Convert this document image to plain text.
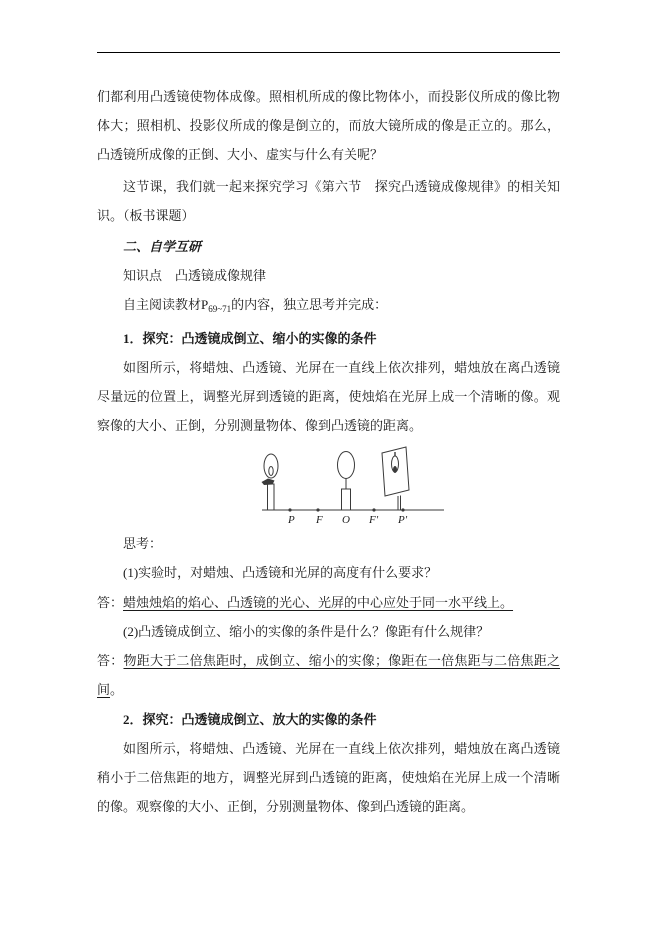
们都利用凸透镜使物体成像。照相机所成的像比物体小，而投影仪所成的像比物体大；照相机、投影仪所成的像是倒立的，而放大镜所成的像是正立的。那么，凸透镜所成像的正倒、大小、虚实与什么有关呢？

这节课，我们就一起来探究学习《第六节　探究凸透镜成像规律》的相关知识。（板书课题）

二、自学互研

知识点　 凸透镜成像规律

自主阅读教材$P_{69\sim 71}$的内容，独立思考并完成：

1．探究：凸透镜成倒立、缩小的实像的条件

如图所示，将蜡烛、凸透镜、光屏在一直线上依次排列，蜡烛放在离凸透镜尽量远的位置上，调整光屏到透镜的距离，使烛焰在光屏上成一个清晰的像。观察像的大小、正倒，分别测量物体、像到凸透镜的距离。

P F O F′ P′

思考：

(1)实验时，对蜡烛、凸透镜和光屏的高度有什么要求？

答：蜡烛烛焰的焰心、凸透镜的光心、光屏的中心应处于同一水平线上。

(2)凸透镜成倒立、缩小的实像的条件是什么？像距有什么规律？

答：物距大于二倍焦距时，成倒立、缩小的实像；像距在一倍焦距与二倍焦距之间。

2．探究：凸透镜成倒立、放大的实像的条件

如图所示，将蜡烛、凸透镜、光屏在一直线上依次排列，蜡烛放在离凸透镜稍小于二倍焦距的地方，调整光屏到凸透镜的距离，使烛焰在光屏上成一个清晰的像。观察像的大小、正倒，分别测量物体、像到凸透镜的距离。
